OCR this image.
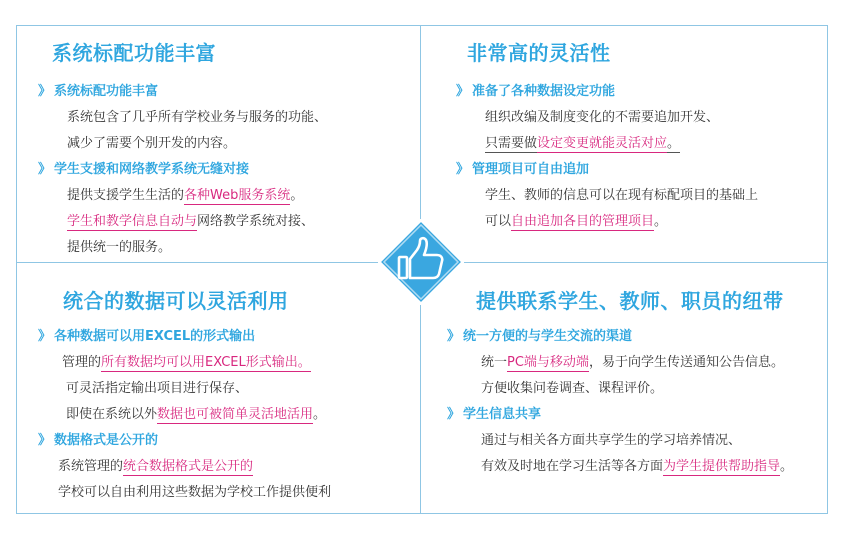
系统标配功能丰富
》 系统标配功能丰富
系统包含了几乎所有学校业务与服务的功能、
减少了需要个别开发的内容。
》 学生支援和网络教学系统无缝对接
提供支援学生生活的各种Web服务系统。
学生和教学信息自动与网络教学系统对接、
提供统一的服务。
非常高的灵活性
》 准备了各种数据设定功能
组织改编及制度变化的不需要追加开发、
只需要做设定变更就能灵活对应。
》 管理项目可自由追加
学生、教师的信息可以在现有标配项目的基础上
可以自由追加各目的管理项目。
统合的数据可以灵活利用
》 各种数据可以用EXCEL的形式输出
管理的所有数据均可以用EXCEL形式输出。
可灵活指定输出项目进行保存、
即使在系统以外数据也可被简单灵活地活用。
》 数据格式是公开的
系统管理的统合数据格式是公开的
学校可以自由利用这些数据为学校工作提供便利
提供联系学生、教师、职员的纽带
》 统一方便的与学生交流的渠道
统一PC端与移动端，易于向学生传送通知公告信息。
方便收集问卷调查、课程评价。
》 学生信息共享
通过与相关各方面共享学生的学习培养情况、
有效及时地在学习生活等各方面为学生提供帮助指导。
